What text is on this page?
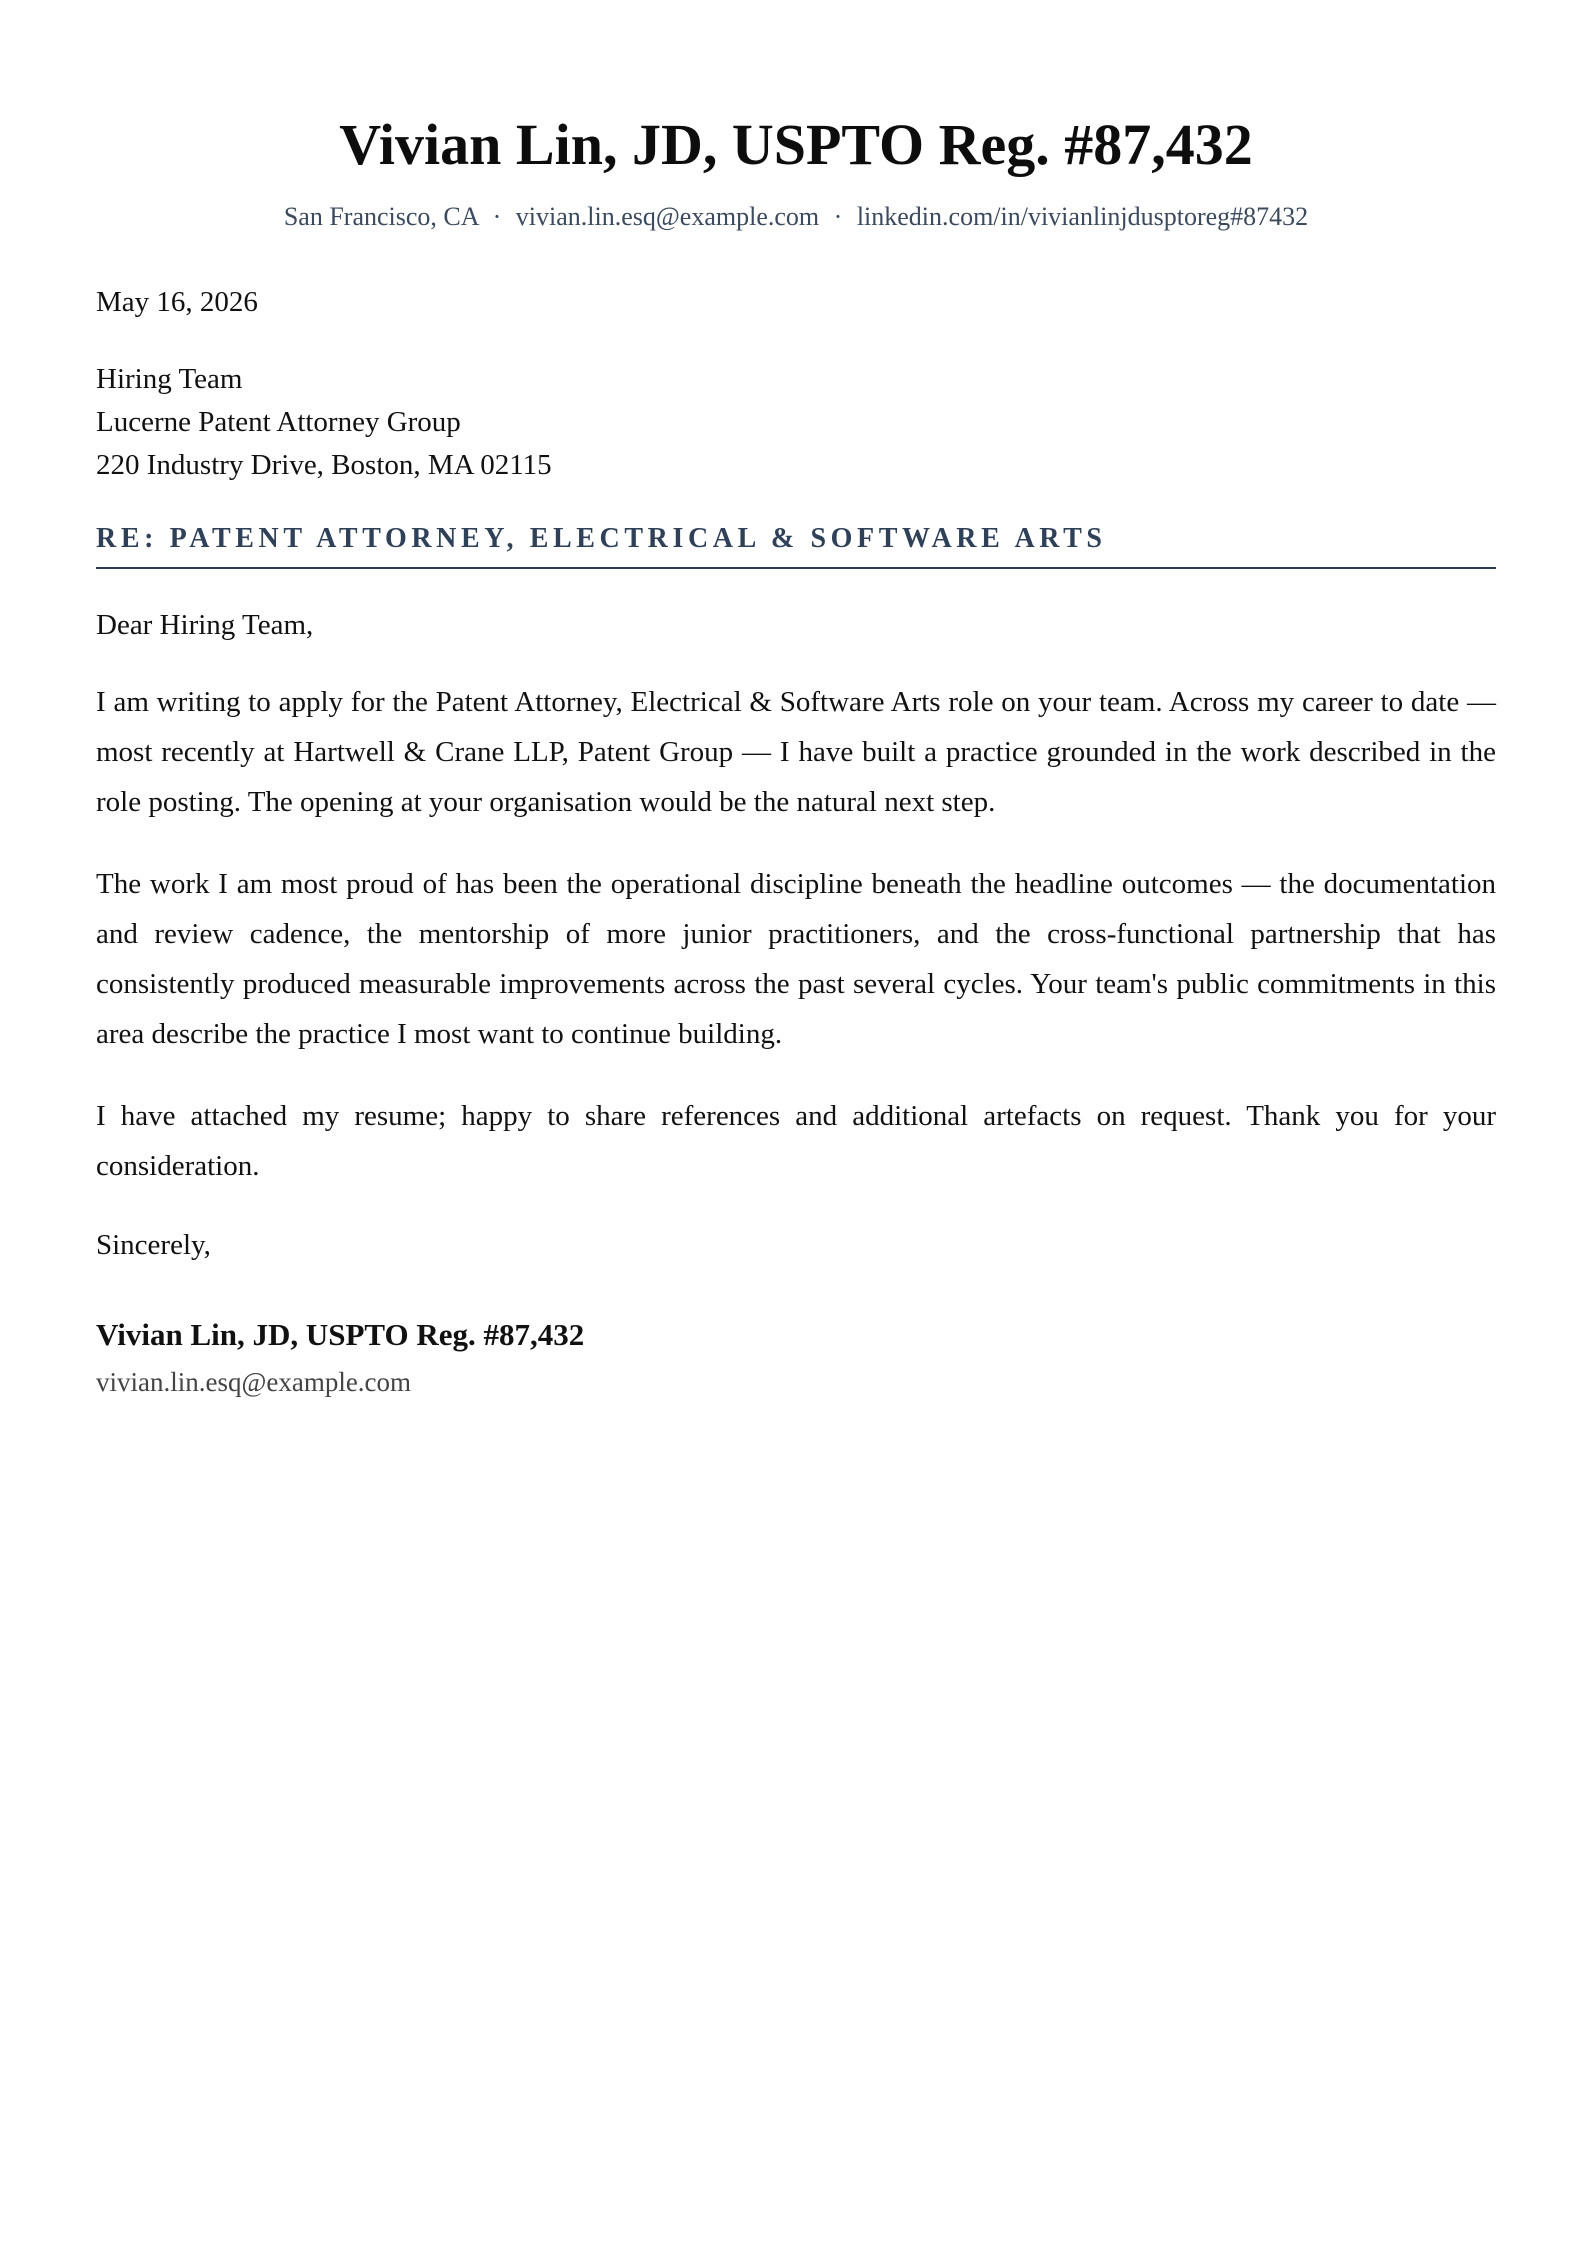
Vivian Lin, JD, USPTO Reg. #87,432
San Francisco, CA · vivian.lin.esq@example.com · linkedin.com/in/vivianlinjdusptoreg#87432
May 16, 2026
Hiring Team
Lucerne Patent Attorney Group
220 Industry Drive, Boston, MA 02115
RE: PATENT ATTORNEY, ELECTRICAL & SOFTWARE ARTS
Dear Hiring Team,

I am writing to apply for the Patent Attorney, Electrical & Software Arts role on your team. Across my career to date — most recently at Hartwell & Crane LLP, Patent Group — I have built a practice grounded in the work described in the role posting. The opening at your organisation would be the natural next step.

The work I am most proud of has been the operational discipline beneath the headline outcomes — the documentation and review cadence, the mentorship of more junior practitioners, and the cross-functional partnership that has consistently produced measurable improvements across the past several cycles. Your team's public commitments in this area describe the practice I most want to continue building.

I have attached my resume; happy to share references and additional artefacts on request. Thank you for your consideration.

Sincerely,
Vivian Lin, JD, USPTO Reg. #87,432
vivian.lin.esq@example.com
